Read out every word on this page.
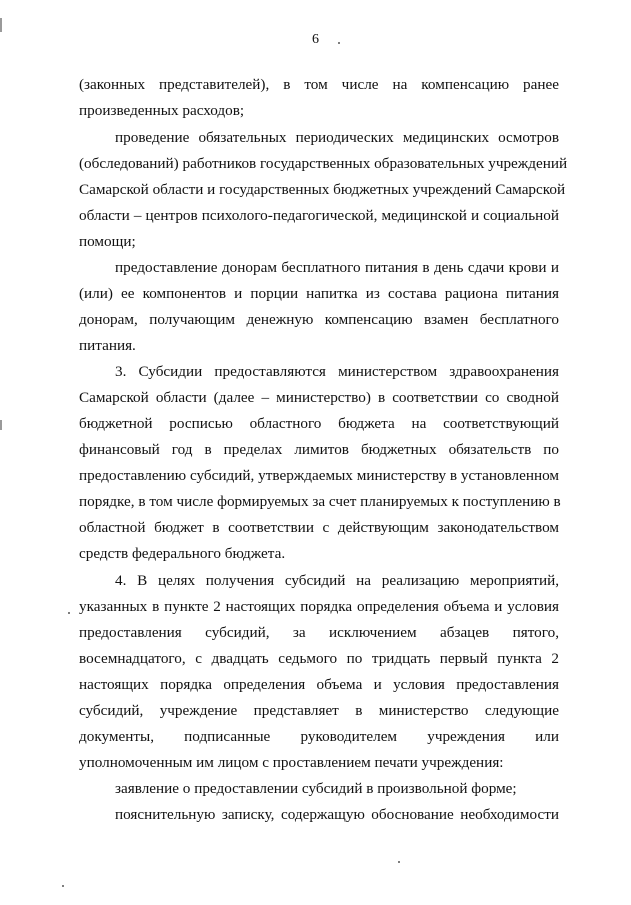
6
(законных представителей), в том числе на компенсацию ранее
произведенных расходов;
проведение обязательных периодических медицинских осмотров
(обследований) работников государственных образовательных учреждений
Самарской области и государственных бюджетных учреждений Самарской
области – центров психолого-педагогической, медицинской и социальной
помощи;
предоставление донорам бесплатного питания в день сдачи крови и
(или) ее компонентов и порции напитка из состава рациона питания
донорам, получающим денежную компенсацию взамен бесплатного
питания.
3. Субсидии предоставляются министерством здравоохранения
Самарской области (далее – министерство) в соответствии со сводной
бюджетной росписью областного бюджета на соответствующий
финансовый год в пределах лимитов бюджетных обязательств по
предоставлению субсидий, утверждаемых министерству в установленном
порядке, в том числе формируемых за счет планируемых к поступлению в
областной бюджет в соответствии с действующим законодательством
средств федерального бюджета.
4. В целях получения субсидий на реализацию мероприятий,
указанных в пункте 2 настоящих порядка определения объема и условия
предоставления субсидий, за исключением абзацев пятого,
восемнадцатого, с двадцать седьмого по тридцать первый пункта 2
настоящих порядка определения объема и условия предоставления
субсидий, учреждение представляет в министерство следующие
документы, подписанные руководителем учреждения или
уполномоченным им лицом с проставлением печати учреждения:
заявление о предоставлении субсидий в произвольной форме;
пояснительную записку, содержащую обоснование необходимости
